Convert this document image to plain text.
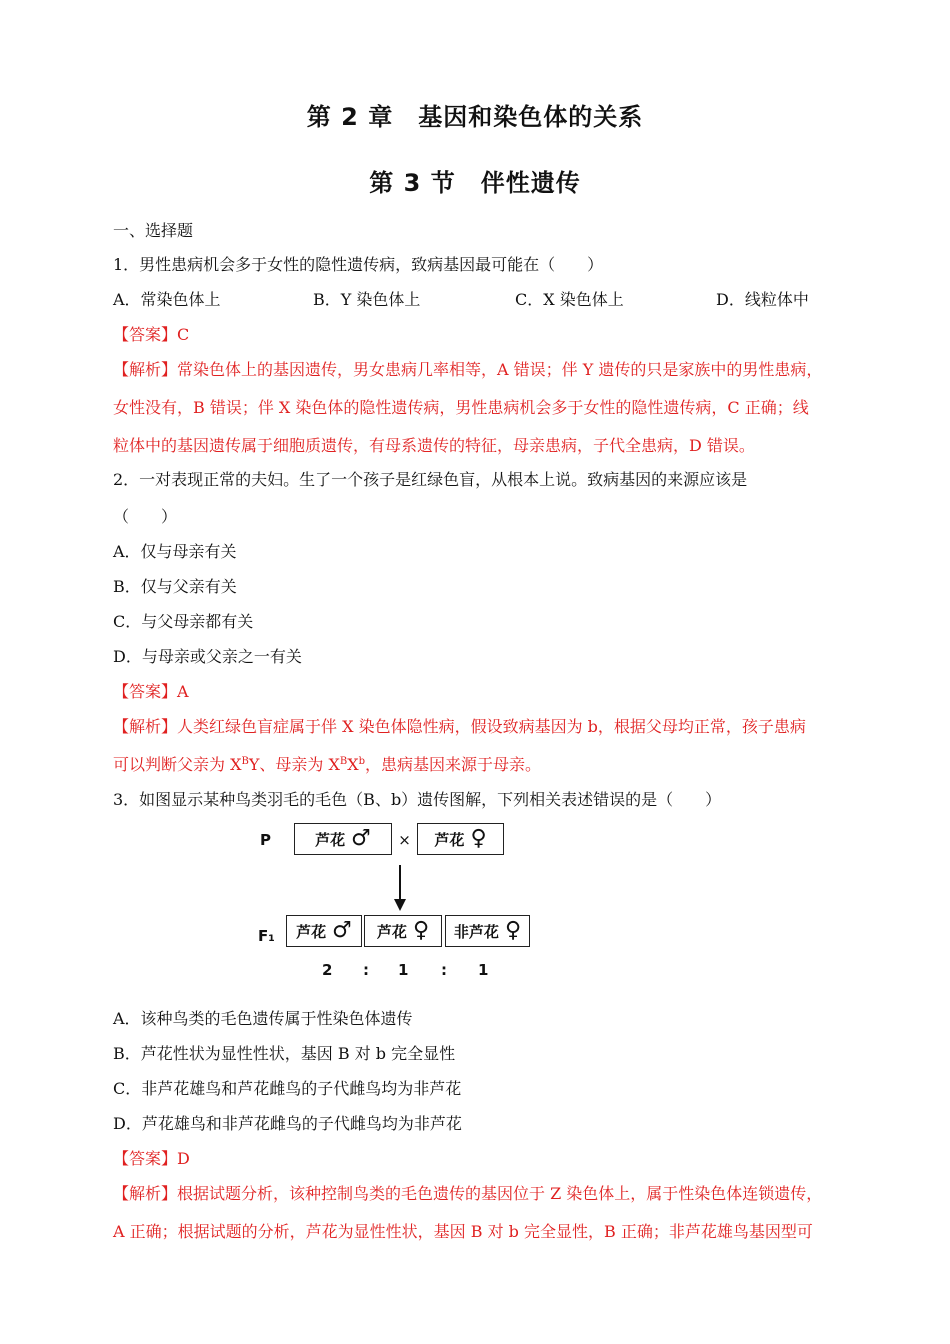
第 2 章　基因和染色体的关系
第 3 节　伴性遗传
一、选择题
1．男性患病机会多于女性的隐性遗传病，致病基因最可能在（　　）
A．常染色体上	B．Y 染色体上	C．X 染色体上	D．线粒体中
【答案】C
【解析】常染色体上的基因遗传，男女患病几率相等，A 错误；伴 Y 遗传的只是家族中的男性患病，
女性没有，B 错误；伴 X 染色体的隐性遗传病，男性患病机会多于女性的隐性遗传病，C 正确；线
粒体中的基因遗传属于细胞质遗传，有母系遗传的特征，母亲患病，子代全患病，D 错误。
2．一对表现正常的夫妇。生了一个孩子是红绿色盲，从根本上说。致病基因的来源应该是
（　　）
A．仅与母亲有关
B．仅与父亲有关
C．与父母亲都有关
D．与母亲或父亲之一有关
【答案】A
【解析】人类红绿色盲症属于伴 X 染色体隐性病，假设致病基因为 b，根据父母均正常，孩子患病
可以判断父亲为 $X^BY$、母亲为 $X^BX^b$，患病基因来源于母亲。
3．如图显示某种鸟类羽毛的毛色（B、b）遗传图解，下列相关表述错误的是（　　）
P	芦花 ♂	×	芦花 ♀
F₁ 芦花 ♂ 芦花 ♀ 非芦花 ♀
2 : 1 : 1
A．该种鸟类的毛色遗传属于性染色体遗传
B．芦花性状为显性性状，基因 B 对 b 完全显性
C．非芦花雄鸟和芦花雌鸟的子代雌鸟均为非芦花
D．芦花雄鸟和非芦花雌鸟的子代雌鸟均为非芦花
【答案】D
【解析】根据试题分析，该种控制鸟类的毛色遗传的基因位于 Z 染色体上，属于性染色体连锁遗传，
A 正确；根据试题的分析，芦花为显性性状，基因 B 对 b 完全显性，B 正确；非芦花雄鸟基因型可
